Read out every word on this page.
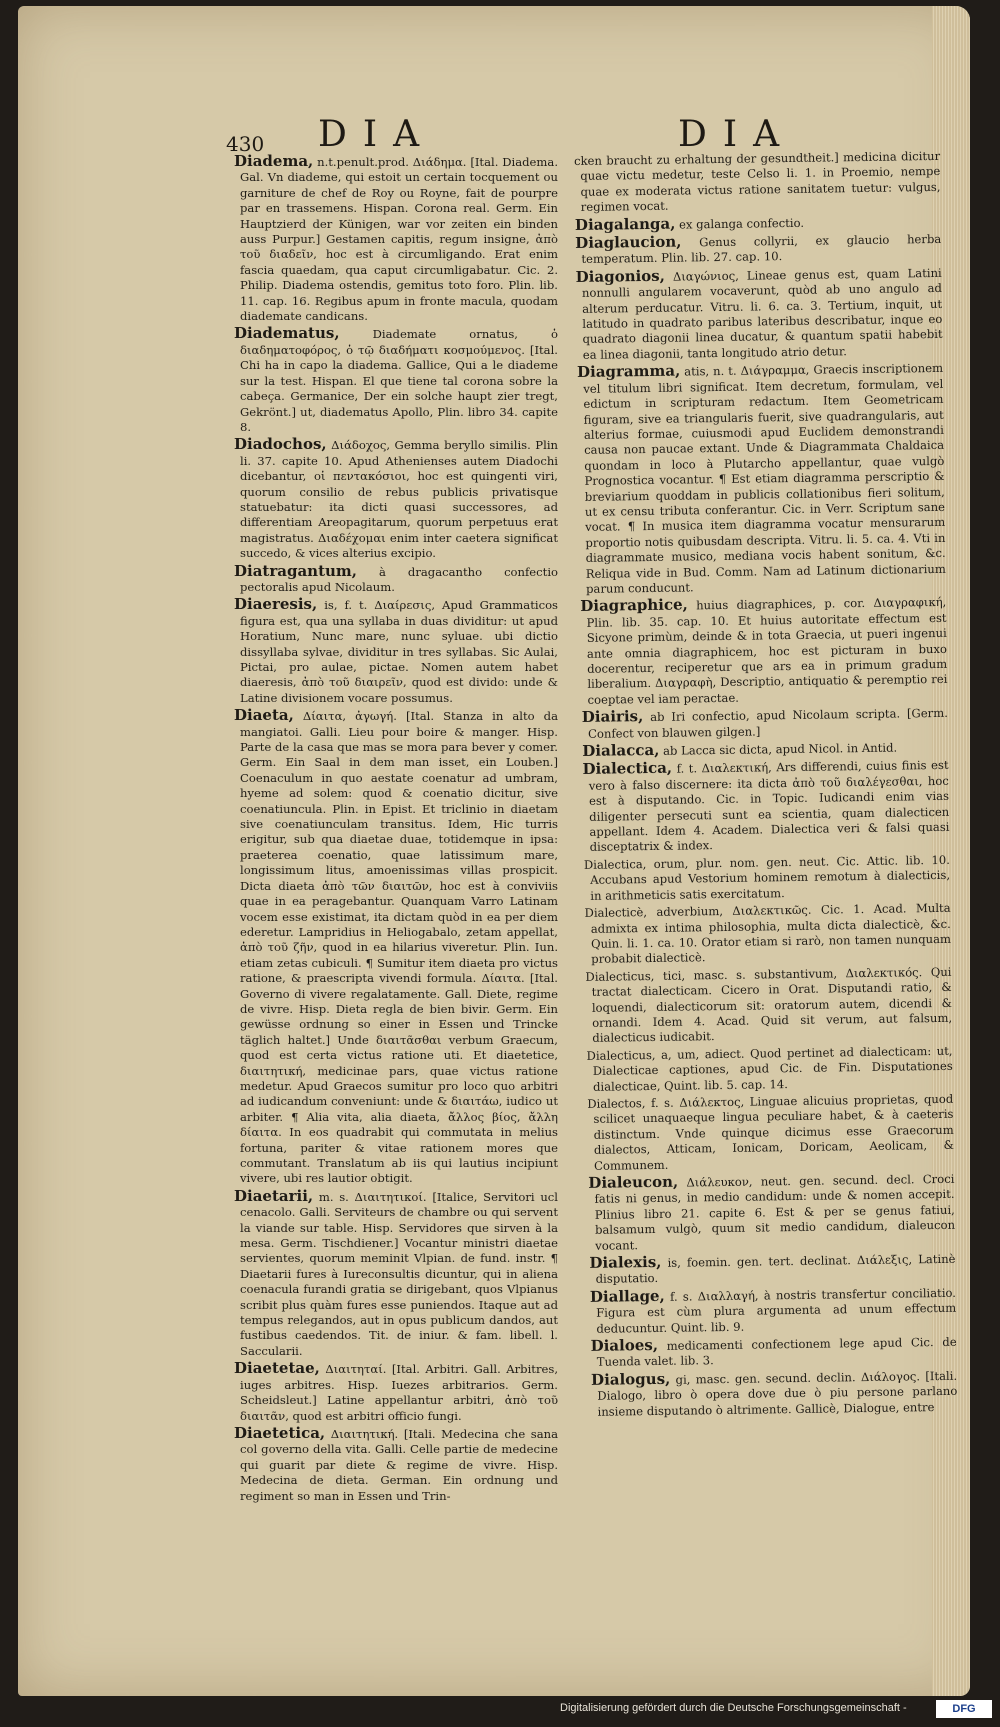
430 DIA	DIA

Diadema, n.t.penult.prod. Διάδημα. [Ital. Diadema. Gal. Vn diademe, qui estoit un certain tocquement ou garniture de chef de Roy ou Royne, fait de pourpre par en trassemens. Hispan. Corona real. Germ. Ein Hauptzierd der Künigen, war vor zeiten ein binden auss Purpur.] Gestamen capitis, regum insigne, ἀπὸ τοῦ διαδεῖν, hoc est à circumligando. Erat enim fascia quaedam, qua caput circumligabatur. Cic. 2. Philip. Diadema ostendis, gemitus toto foro. Plin. lib. 11. cap. 16. Regibus apum in fronte macula, quodam diademate candicans.

Diadematus,	Diademate ornatus, ὁ διαδηματοφόρος, ὁ τῷ διαδήματι κοσμούμενος. [Ital. Chi ha in capo la diadema. Gallice, Qui a le diademe sur la test. Hispan. El que tiene tal corona sobre la cabeça. Germanice, Der ein solche haupt zier tregt, Gekrönt.] ut, diadematus Apollo, Plin. libro 34. capite 8.

Diadochos, Διάδοχος, Gemma beryllo similis. Plin li. 37. capite 10. Apud Athenienses autem Diadochi dicebantur, οἱ πεντακόσιοι, hoc est quingenti viri, quorum consilio de rebus publicis privatisque statuebatur: ita dicti quasi successores, ad differentiam Areopagitarum, quorum perpetuus erat magistratus. Διαδέχομαι enim inter caetera significat succedo, & vices alterius excipio.

Diatragantum, à dragacantho confectio pectoralis apud Nicolaum.

Diaeresis, is, f. t. Διαίρεσις, Apud Grammaticos figura est, qua una syllaba in duas dividitur: ut apud Horatium, Nunc mare, nunc syluae. ubi dictio dissyllaba sylvae, dividitur in tres syllabas. Sic Aulai, Pictai, pro aulae, pictae. Nomen autem habet diaeresis, ἀπὸ τοῦ διαιρεῖν, quod est divido: unde & Latine divisionem vocare possumus.

Diaeta, Δίαιτα, ἀγωγή. [Ital. Stanza in alto da mangiatoi. Galli. Lieu pour boire & manger. Hisp. Parte de la casa que mas se mora para bever y comer. Germ. Ein Saal in dem man isset, ein Louben.] Coenaculum in quo aestate coenatur ad umbram, hyeme ad solem: quod & coenatio dicitur, sive coenatiuncula. Plin. in Epist. Et triclinio in diaetam sive coenatiunculam transitus. Idem, Hic turris erigitur, sub qua diaetae duae, totidemque in ipsa: praeterea coenatio, quae latissimum mare, longissimum litus, amoenissimas villas prospicit. Dicta diaeta ἀπὸ τῶν διαιτῶν, hoc est à conviviis quae in ea peragebantur. Quanquam Varro Latinam vocem esse existimat, ita dictam quòd in ea per diem ederetur. Lampridius in Heliogabalo, zetam appellat, ἀπὸ τοῦ ζῆν, quod in ea hilarius viveretur. Plin. Iun. etiam zetas cubiculi. ¶ Sumitur item diaeta pro victus ratione, & praescripta vivendi formula. Δίαιτα. [Ital. Governo di vivere regalatamente. Gall. Diete, regime de vivre. Hisp. Dieta regla de bien bivir. Germ. Ein gewüsse ordnung so einer in Essen und Trincke täglich haltet.] Unde διαιτᾶσθαι verbum Graecum, quod est certa victus ratione uti. Et diaetetice, διαιτητική, medicinae pars, quae victus ratione medetur. Apud Graecos sumitur pro loco quo arbitri ad iudicandum conveniunt: unde & διαιτάω, iudico ut arbiter. ¶ Alia vita, alia diaeta, ἄλλος βίος, ἄλλη δίαιτα. In eos quadrabit qui commutata in melius fortuna, pariter & vitae rationem mores que commutant. Translatum ab iis qui lautius incipiunt vivere, ubi res lautior obtigit.

Diaetarii, m. s. Διαιτητικοί. [Italice, Servitori ucl cenacolo. Galli. Serviteurs de chambre ou qui servent la viande sur table. Hisp. Servidores que sirven à la mesa. Germ. Tischdiener.] Vocantur ministri diaetae servientes, quorum meminit Vlpian. de fund. instr. ¶ Diaetarii fures à Iureconsultis dicuntur, qui in aliena coenacula furandi gratia se dirigebant, quos Vlpianus scribit plus quàm fures esse puniendos. Itaque aut ad tempus relegandos, aut in opus publicum dandos, aut fustibus caedendos. Tit. de iniur. & fam. libell. l. Saccularii.

Diaetetae, Διαιτηταί. [Ital. Arbitri. Gall. Arbitres, iuges arbitres. Hisp. Iuezes arbitrarios. Germ. Scheidsleut.] Latine appellantur arbitri, ἀπὸ τοῦ διαιτᾶν, quod est arbitri officio fungi.

Diaetetica, Διαιτητική. [Itali. Medecina che sana col governo della vita. Galli. Celle partie de medecine qui guarit par diete & regime de vivre. Hisp. Medecina de dieta. German. Ein ordnung und regiment so man in Essen und Trin-

cken braucht zu erhaltung der gesundtheit.] medicina dicitur quae victu medetur, teste Celso li. 1. in Proemio, nempe quae ex moderata victus ratione sanitatem tuetur: vulgus, regimen vocat.

Diagalanga, ex galanga confectio.

Diaglaucion, Genus collyrii, ex glaucio herba temperatum. Plin. lib. 27. cap. 10.

Diagonios, Διαγώνιος, Lineae genus est, quam Latini nonnulli angularem vocaverunt, quòd ab uno angulo ad alterum perducatur. Vitru. li. 6. ca. 3. Tertium, inquit, ut latitudo in quadrato paribus lateribus describatur, inque eo quadrato diagonii linea ducatur, & quantum spatii habebit ea linea diagonii, tanta longitudo atrio detur.

Diagramma, atis, n. t. Διάγραμμα, Graecis inscriptionem vel titulum libri significat. Item decretum, formulam, vel edictum in scripturam redactum. Item Geometricam figuram, sive ea triangularis fuerit, sive quadrangularis, aut alterius formae, cuiusmodi apud Euclidem demonstrandi causa non paucae extant. Unde & Diagrammata Chaldaica quondam in loco à Plutarcho appellantur, quae vulgò Prognostica vocantur. ¶ Est etiam diagramma perscriptio & breviarium quoddam in publicis collationibus fieri solitum, ut ex censu tributa conferantur. Cic. in Verr. Scriptum sane vocat. ¶ In musica item diagramma vocatur mensurarum proportio notis quibusdam descripta. Vitru. li. 5. ca. 4. Vti in diagrammate musico, mediana vocis habent sonitum, &c. Reliqua vide in Bud. Comm. Nam ad Latinum dictionarium parum conducunt.

Diagraphice, huius diagraphices, p. cor. Διαγραφική, Plin. lib. 35. cap. 10. Et huius autoritate effectum est Sicyone primùm, deinde & in tota Graecia, ut pueri ingenui ante omnia diagraphicem, hoc est picturam in buxo docerentur, reciperetur que ars ea in primum gradum liberalium. Διαγραφὴ, Descriptio, antiquatio & peremptio rei coeptae vel iam peractae.

Diairis, ab Iri confectio, apud Nicolaum scripta. [Germ. Confect von blauwen gilgen.]

Dialacca, ab Lacca sic dicta, apud Nicol. in Antid.

Dialectica, f. t. Διαλεκτική, Ars differendi, cuius finis est vero à falso discernere: ita dicta ἀπὸ τοῦ διαλέγεσθαι, hoc est à disputando. Cic. in Topic. Iudicandi enim vias diligenter persecuti sunt ea scientia, quam dialecticen appellant. Idem 4. Academ. Dialectica veri & falsi quasi disceptatrix & index.

Dialectica, orum, plur. nom. gen. neut. Cic. Attic. lib. 10. Accubans apud Vestorium hominem remotum à dialecticis, in arithmeticis satis exercitatum.

Dialecticè, adverbium, Διαλεκτικῶς. Cic. 1. Acad. Multa admixta ex intima philosophia, multa dicta dialecticè, &c. Quin. li. 1. ca. 10. Orator etiam si rarò, non tamen nunquam probabit dialecticè.

Dialecticus, tici, masc. s. substantivum, Διαλεκτικός. Qui tractat dialecticam. Cicero in Orat. Disputandi ratio, & loquendi, dialecticorum sit: oratorum autem, dicendi & ornandi. Idem 4. Acad. Quid sit verum, aut falsum, dialecticus iudicabit.

Dialecticus, a, um, adiect. Quod pertinet ad dialecticam: ut, Dialecticae captiones, apud Cic. de Fin. Disputationes dialecticae, Quint. lib. 5. cap. 14.

Dialectos, f. s. Διάλεκτος, Linguae alicuius proprietas, quod scilicet unaquaeque lingua peculiare habet, & à caeteris distinctum. Vnde quinque dicimus esse Graecorum dialectos, Atticam, Ionicam, Doricam, Aeolicam, & Communem.

Dialeucon, Διάλευκον, neut. gen. secund. decl. Croci fatis ni genus, in medio candidum: unde & nomen accepit. Plinius libro 21. capite 6. Est & per se genus fatiui, balsamum vulgò, quum sit medio candidum, dialeucon vocant.

Dialexis, is, foemin. gen. tert. declinat. Διάλεξις, Latinè disputatio.

Diallage, f. s. Διαλλαγή, à nostris transfertur conciliatio. Figura est cùm plura argumenta ad unum effectum deducuntur. Quint. lib. 9.

Dialoes, medicamenti confectionem lege apud Cic. de Tuenda valet. lib. 3.

Dialogus, gi, masc. gen. secund. declin. Διάλογος. [Itali. Dialogo, libro ò opera dove due ò piu persone parlano insieme disputando ò altrimente. Gallicè, Dialogue, entre

Digitalisierung gefördert durch die Deutsche Forschungsgemeinschaft -	DFG
